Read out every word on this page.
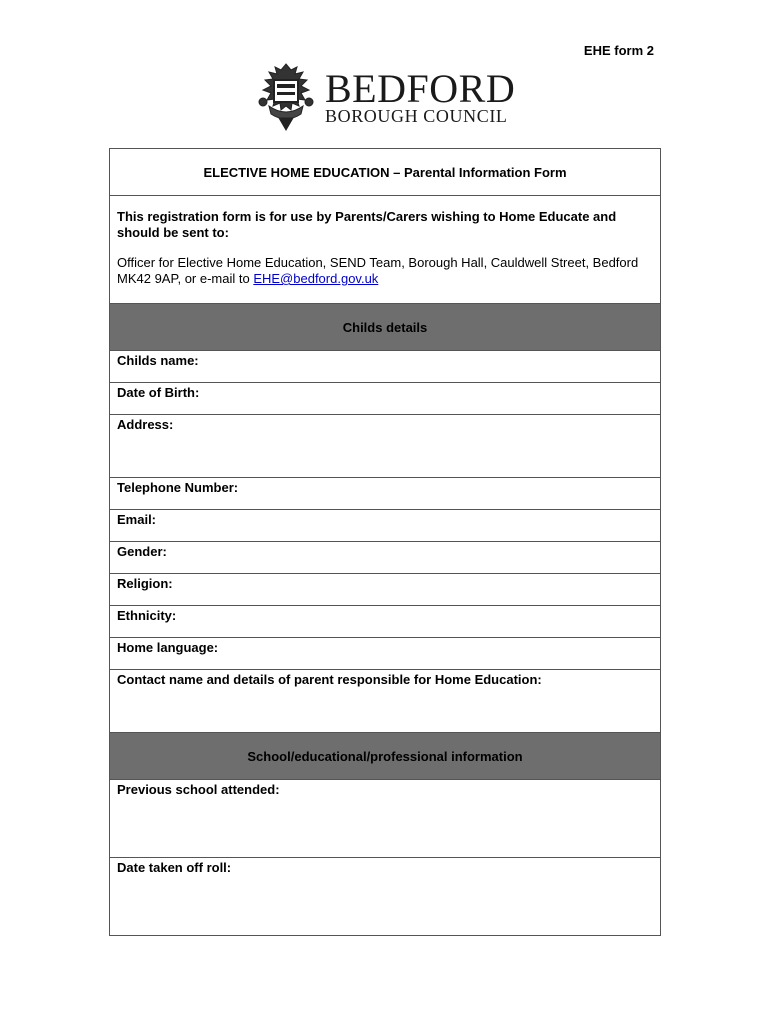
EHE form 2
BEDFORD
BOROUGH COUNCIL
ELECTIVE HOME EDUCATION – Parental Information Form

This registration form is for use by Parents/Carers wishing to Home Educate and should be sent to:

Officer for Elective Home Education, SEND Team, Borough Hall, Cauldwell Street, Bedford MK42 9AP, or e-mail to EHE@bedford.gov.uk

Childs details

Childs name:

Date of Birth:

Address:

Telephone Number:

Email:

Gender:

Religion:

Ethnicity:

Home language:

Contact name and details of parent responsible for Home Education:

School/educational/professional information

Previous school attended:

Date taken off roll:
